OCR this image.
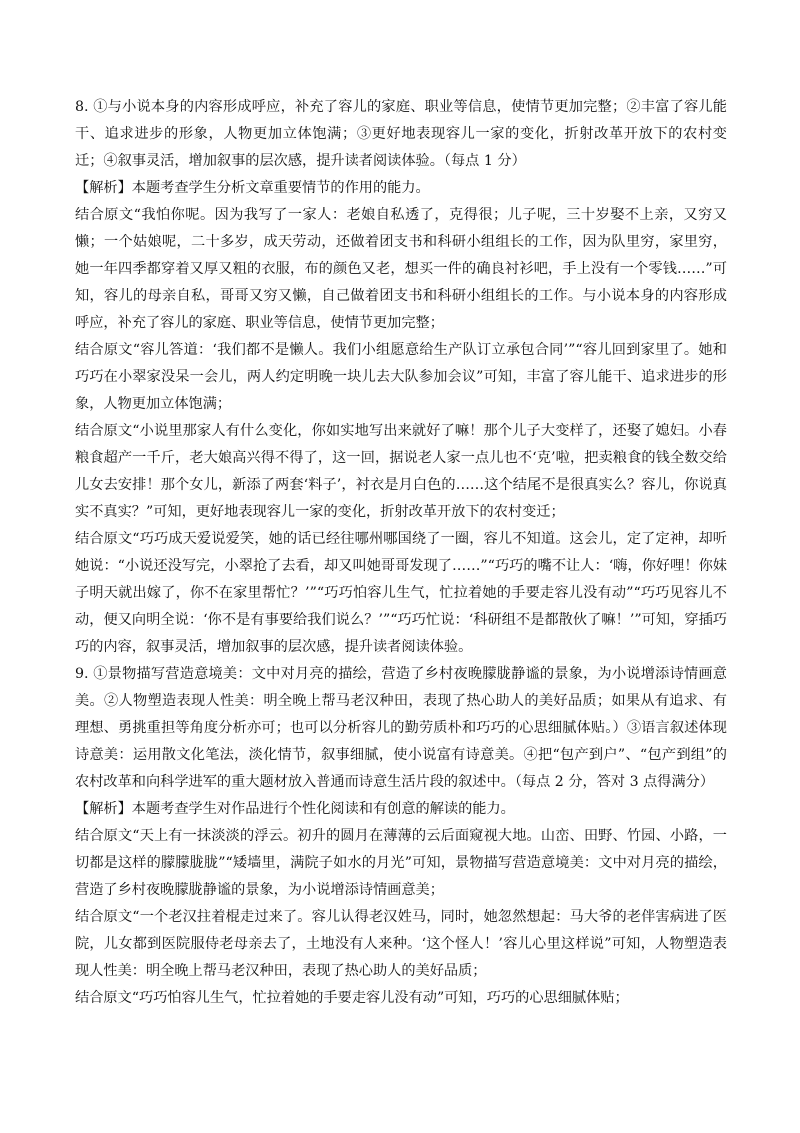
8. ①与小说本身的内容形成呼应，补充了容儿的家庭、职业等信息，使情节更加完整；②丰富了容儿能干、追求进步的形象，人物更加立体饱满；③更好地表现容儿一家的变化，折射改革开放下的农村变迁；④叙事灵活，增加叙事的层次感，提升读者阅读体验。（每点 1 分）

【解析】本题考查学生分析文章重要情节的作用的能力。

结合原文“我怕你呢。因为我写了一家人：老娘自私透了，克得很；儿子呢，三十岁娶不上亲，又穷又懒；一个姑娘呢，二十多岁，成天劳动，还做着团支书和科研小组组长的工作，因为队里穷，家里穷，她一年四季都穿着又厚又粗的衣服，布的颜色又老，想买一件的确良衬衫吧，手上没有一个零钱……”可知，容儿的母亲自私，哥哥又穷又懒，自己做着团支书和科研小组组长的工作。与小说本身的内容形成呼应，补充了容儿的家庭、职业等信息，使情节更加完整；

结合原文“容儿答道：‘我们都不是懒人。我们小组愿意给生产队订立承包合同’”“容儿回到家里了。她和巧巧在小翠家没呆一会儿，两人约定明晚一块儿去大队参加会议”可知，丰富了容儿能干、追求进步的形象，人物更加立体饱满；

结合原文“小说里那家人有什么变化，你如实地写出来就好了嘛！那个儿子大变样了，还娶了媳妇。小春粮食超产一千斤，老大娘高兴得不得了，这一回，据说老人家一点儿也不‘克’啦，把卖粮食的钱全数交给儿女去安排！那个女儿，新添了两套‘料子’，衬衣是月白色的……这个结尾不是很真实么？容儿，你说真实不真实？”可知，更好地表现容儿一家的变化，折射改革开放下的农村变迁；

结合原文“巧巧成天爱说爱笑，她的话已经往哪州哪国绕了一圈，容儿不知道。这会儿，定了定神，却听她说：“小说还没写完，小翠抢了去看，却又叫她哥哥发现了……”“巧巧的嘴不让人：‘嗨，你好哩！你妹子明天就出嫁了，你不在家里帮忙？’”“巧巧怕容儿生气，忙拉着她的手要走容儿没有动”“巧巧见容儿不动，便又向明全说：‘你不是有事要给我们说么？’”“巧巧忙说：‘科研组不是都散伙了嘛！’”可知，穿插巧巧的内容，叙事灵活，增加叙事的层次感，提升读者阅读体验。

9. ①景物描写营造意境美：文中对月亮的描绘，营造了乡村夜晚朦胧静谧的景象，为小说增添诗情画意美。②人物塑造表现人性美：明全晚上帮马老汉种田，表现了热心助人的美好品质；如果从有追求、有理想、勇挑重担等角度分析亦可；也可以分析容儿的勤劳质朴和巧巧的心思细腻体贴。）③语言叙述体现诗意美：运用散文化笔法，淡化情节，叙事细腻，使小说富有诗意美。④把“包产到户”、“包产到组”的农村改革和向科学进军的重大题材放入普通而诗意生活片段的叙述中。（每点 2 分，答对 3 点得满分）

【解析】本题考查学生对作品进行个性化阅读和有创意的解读的能力。

结合原文“天上有一抹淡淡的浮云。初升的圆月在薄薄的云后面窥视大地。山峦、田野、竹园、小路，一切都是这样的朦朦胧胧”“矮墙里，满院子如水的月光”可知，景物描写营造意境美：文中对月亮的描绘，营造了乡村夜晚朦胧静谧的景象，为小说增添诗情画意美；

结合原文“一个老汉拄着棍走过来了。容儿认得老汉姓马，同时，她忽然想起：马大爷的老伴害病进了医院，儿女都到医院服侍老母亲去了，土地没有人来种。‘这个怪人！’容儿心里这样说”可知，人物塑造表现人性美：明全晚上帮马老汉种田，表现了热心助人的美好品质；

结合原文“巧巧怕容儿生气，忙拉着她的手要走容儿没有动”可知，巧巧的心思细腻体贴；
